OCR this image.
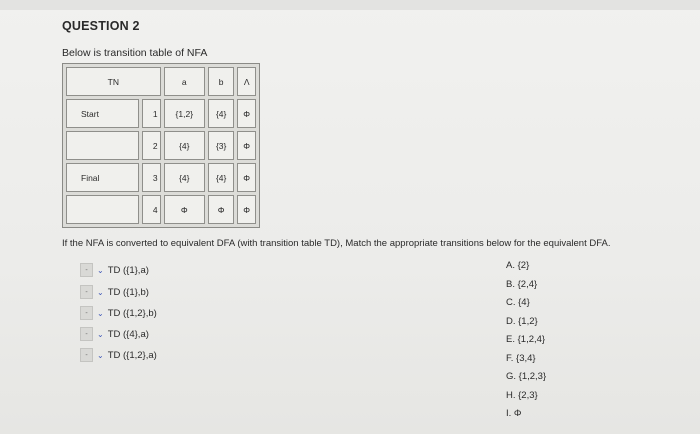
QUESTION 2
Below is transition table of NFA
TN		a	b	Λ
Start	1	{1,2}	{4}	Φ
	2	{4}	{3}	Φ
Final	3	{4}	{4}	Φ
	4	Φ	Φ	Φ
If the NFA is converted to equivalent DFA (with transition table TD), Match the appropriate transitions below for the equivalent DFA.
-	⌄ TD ({1},a)
-	⌄ TD ({1},b)
-	⌄ TD ({1,2},b)
-	⌄ TD ({4},a)
-	⌄ TD ({1,2},a)
A. {2}
B. {2,4}
C. {4}
D. {1,2}
E. {1,2,4}
F. {3,4}
G. {1,2,3}
H. {2,3}
I. Φ
